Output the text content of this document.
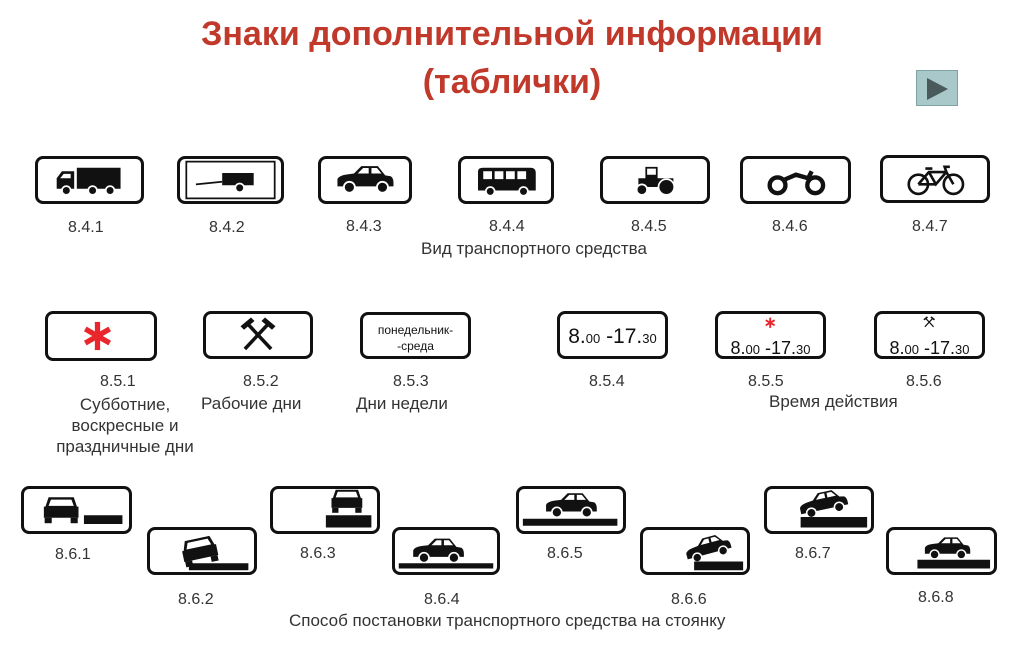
Знаки дополнительной информации
(таблички)
8.4.1	8.4.2	8.4.3	8.4.4	8.4.5	8.4.6	8.4.7
Вид транспортного средства
понедельник-
-среда	8.00 -17.30	8.00 -17.30	8.00 -17.30
8.5.1	8.5.2	8.5.3	8.5.4	8.5.5	8.5.6
Субботние,
воскресные и
праздничные дни
Рабочие дни	Дни недели	Время действия
8.6.1
8.6.2
8.6.3
8.6.4
8.6.5
8.6.6
8.6.7
8.6.8
Способ постановки транспортного средства на стоянку
